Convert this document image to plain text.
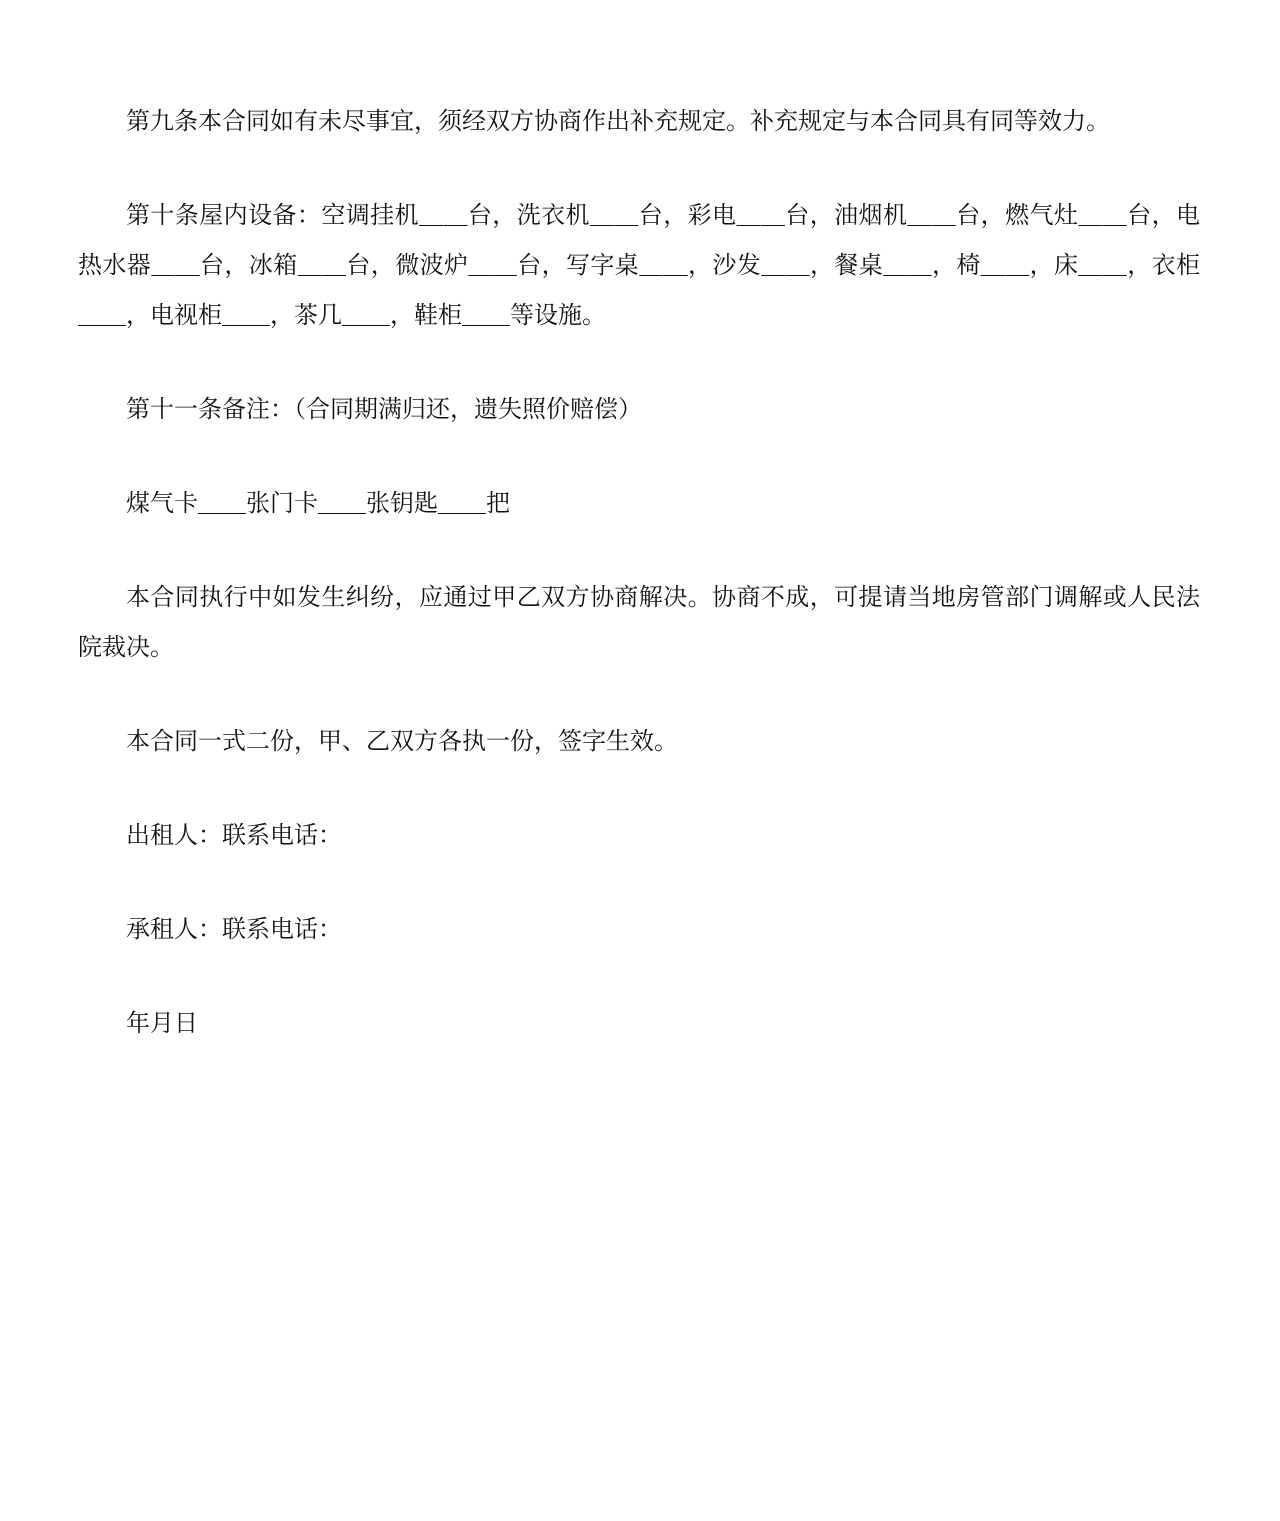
第九条本合同如有未尽事宜，须经双方协商作出补充规定。补充规定与本合同具有同等效力。

第十条屋内设备：空调挂机＿＿台，洗衣机＿＿台，彩电＿＿台，油烟机＿＿台，燃气灶＿＿台，电热水器＿＿台，冰箱＿＿台，微波炉＿＿台，写字桌＿＿，沙发＿＿，餐桌＿＿，椅＿＿，床＿＿，衣柜＿＿，电视柜＿＿，茶几＿＿，鞋柜＿＿等设施。

第十一条备注：（合同期满归还，遗失照价赔偿）

煤气卡＿＿张门卡＿＿张钥匙＿＿把

本合同执行中如发生纠纷，应通过甲乙双方协商解决。协商不成，可提请当地房管部门调解或人民法院裁决。

本合同一式二份，甲、乙双方各执一份，签字生效。

出租人：联系电话：

承租人：联系电话：

年月日
